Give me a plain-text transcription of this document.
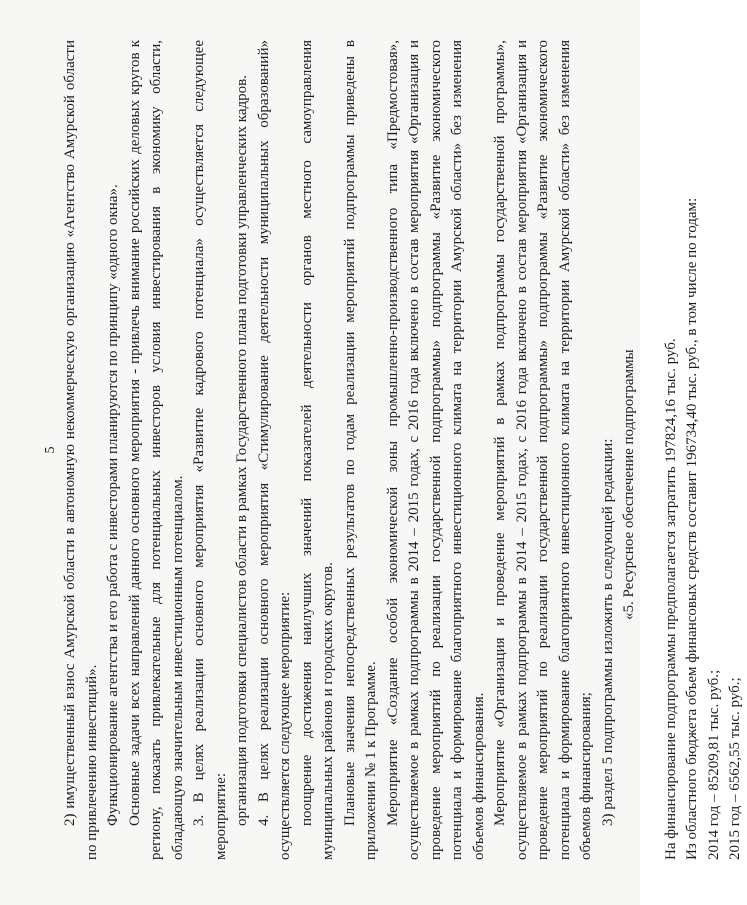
5 2) имущественный взнос Амурской области в автономную некоммерческую организацию «Агентство Амурской области по привлечению инвестиций». Функционирование агентства и его работа с инвесторами планируются по принципу «одного окна». Основные задачи всех направлений данного основного мероприятия - привлечь внимание российских деловых кругов к региону, показать привлекательные для потенциальных инвесторов условия инвестирования в экономику области, обладающую значительным инвестиционным потенциалом. 3. В целях реализации основного мероприятия «Развитие кадрового потенциала» осуществляется следующее мероприятие: организация подготовки специалистов области в рамках Государственного плана подготовки управленческих кадров. 4. В целях реализации основного мероприятия «Стимулирование деятельности муниципальных образований» осуществляется следующее мероприятие: поощрение достижения наилучших значений показателей деятельности органов местного самоуправления муниципальных районов и городских округов. Плановые значения непосредственных результатов по годам реализации мероприятий подпрограммы приведены в приложении № 1 к Программе. Мероприятие «Создание особой экономической зоны промышленно-производственного типа «Предмостовая», осуществляемое в рамках подпрограммы в 2014 – 2015 годах, с 2016 года включено в состав мероприятия «Организация и проведение мероприятий по реализации государственной подпрограммы» подпрограммы «Развитие экономического потенциала и формирование благоприятного инвестиционного климата на территории Амурской области» без изменения объемов финансирования. Мероприятие «Организация и проведение мероприятий в рамках подпрограммы государственной программы», осуществляемое в рамках подпрограммы в 2014 – 2015 годах, с 2016 года включено в состав мероприятия «Организация и проведение мероприятий по реализации государственной подпрограммы» подпрограммы «Развитие экономического потенциала и формирование благоприятного инвестиционного климата на территории Амурской области» без изменения объемов финансирования; 3) раздел 5 подпрограммы изложить в следующей редакции: «5. Ресурсное обеспечение подпрограммы На финансирование подпрограммы предполагается затратить 197824,16 тыс. руб. Из областного бюджета объем финансовых средств составит 196734,40 тыс. руб., в том числе по годам: 2014 год – 85209,81 тыс. руб.; 2015 год – 6562,55 тыс. руб.;
